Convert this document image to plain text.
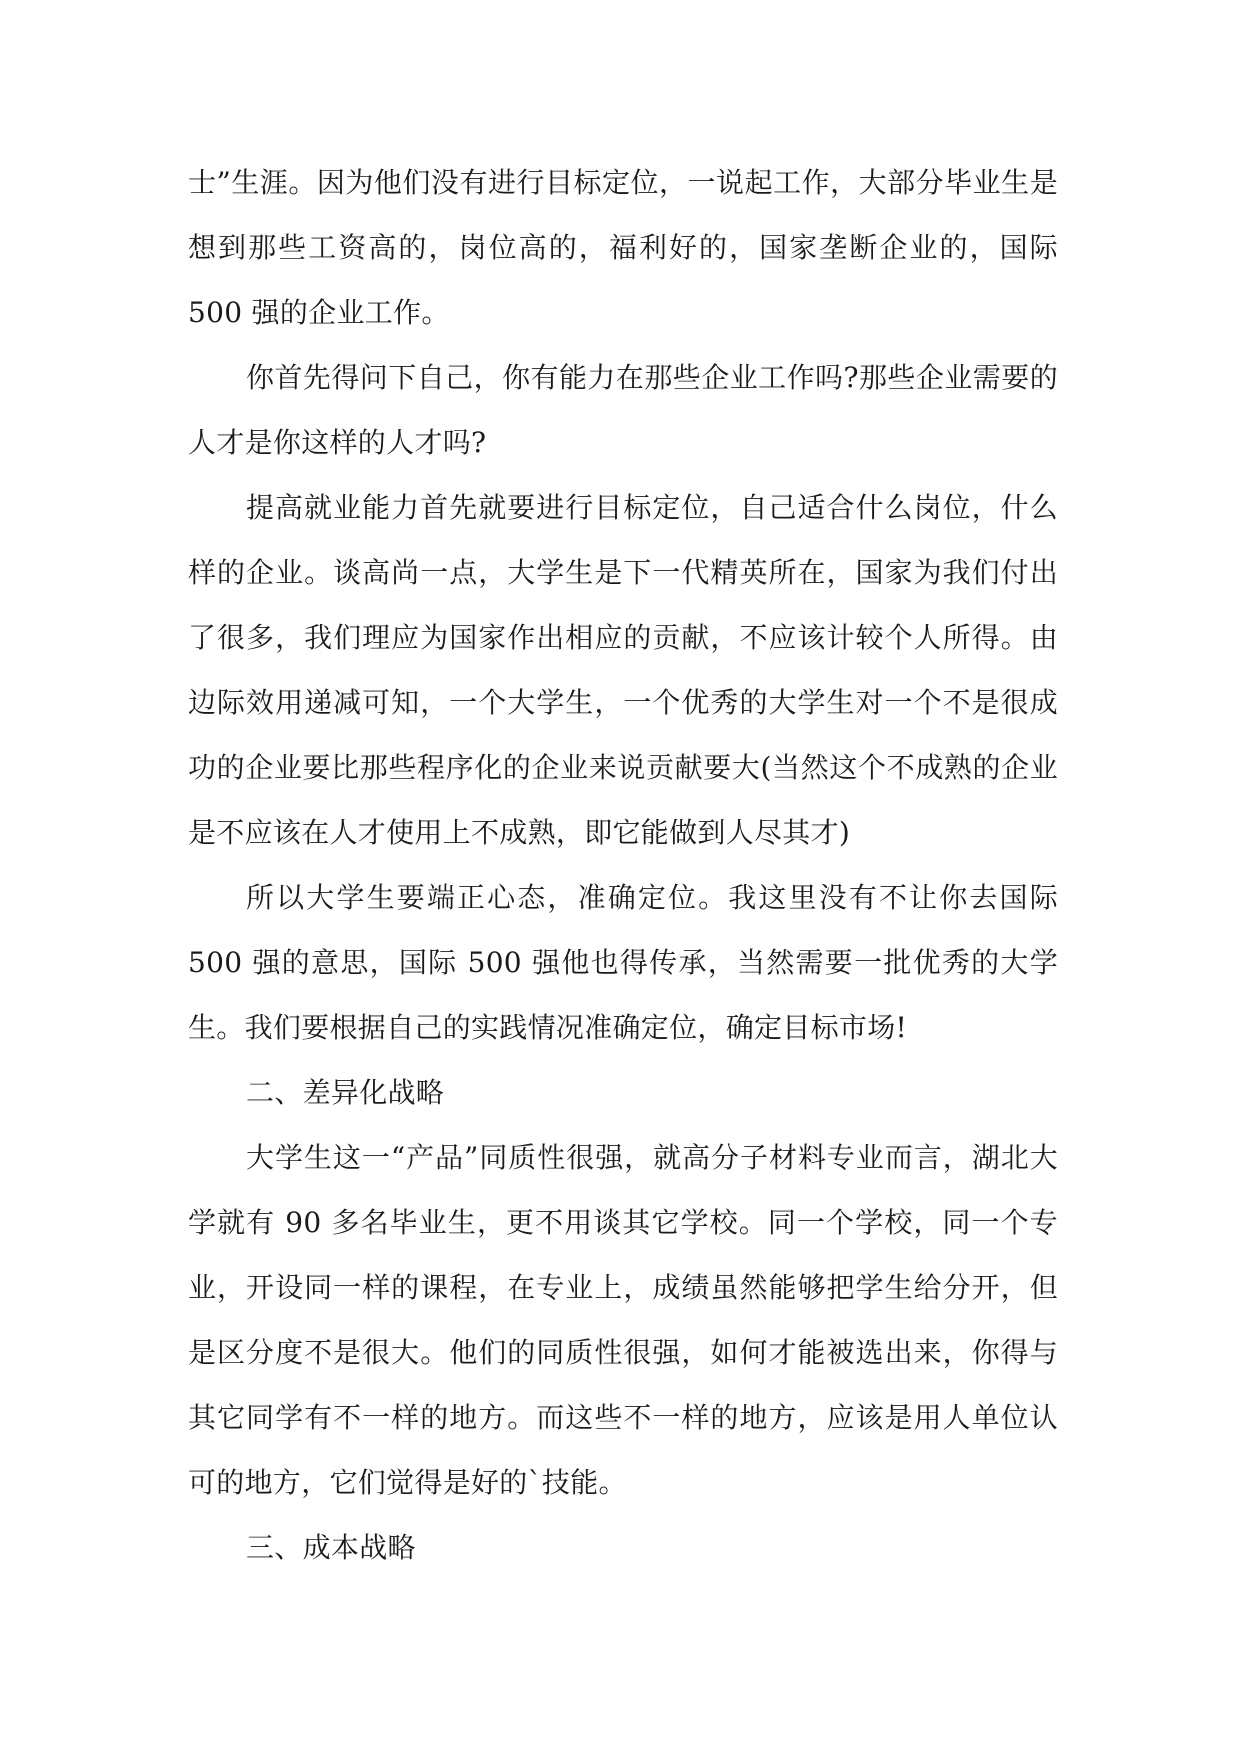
士”生涯。因为他们没有进行目标定位，一说起工作，大部分毕业生是想到那些工资高的，岗位高的，福利好的，国家垄断企业的，国际 500 强的企业工作。

你首先得问下自己，你有能力在那些企业工作吗?那些企业需要的人才是你这样的人才吗?

提高就业能力首先就要进行目标定位，自己适合什么岗位，什么样的企业。谈高尚一点，大学生是下一代精英所在，国家为我们付出了很多，我们理应为国家作出相应的贡献，不应该计较个人所得。由边际效用递减可知，一个大学生，一个优秀的大学生对一个不是很成功的企业要比那些程序化的企业来说贡献要大(当然这个不成熟的企业是不应该在人才使用上不成熟，即它能做到人尽其才)

所以大学生要端正心态，准确定位。我这里没有不让你去国际 500 强的意思，国际 500 强他也得传承，当然需要一批优秀的大学生。我们要根据自己的实践情况准确定位，确定目标市场!

二、差异化战略

大学生这一“产品”同质性很强，就高分子材料专业而言，湖北大学就有 90 多名毕业生，更不用谈其它学校。同一个学校，同一个专业，开设同一样的课程，在专业上，成绩虽然能够把学生给分开，但是区分度不是很大。他们的同质性很强，如何才能被选出来，你得与其它同学有不一样的地方。而这些不一样的地方，应该是用人单位认可的地方，它们觉得是好的`技能。

三、成本战略
